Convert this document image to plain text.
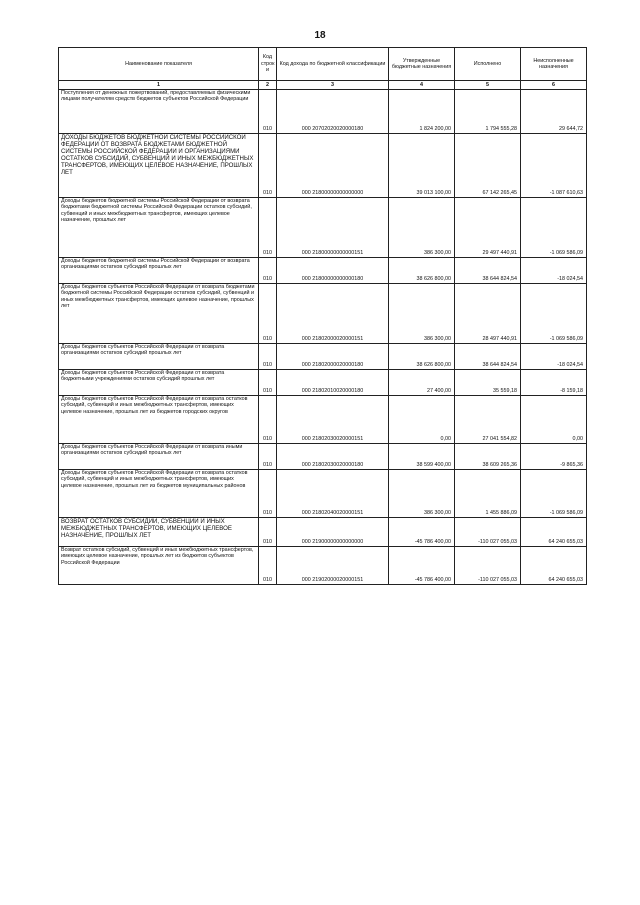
18
Наименование показателя	Код строк и	Код дохода по бюджетной классификации	Утвержденные бюджетные назначения	Исполнено	Неисполненные назначения
1	2	3	4	5	6
Поступления от денежных пожертвований, предоставляемых физическими лицами получателям средств бюджетов субъектов Российской Федерации	010	000 20702020020000180	1 824 200,00	1 794 555,28	29 644,72
ДОХОДЫ БЮДЖЕТОВ БЮДЖЕТНОЙ СИСТЕМЫ РОССИЙСКОЙ ФЕДЕРАЦИИ ОТ ВОЗВРАТА БЮДЖЕТАМИ БЮДЖЕТНОЙ СИСТЕМЫ РОССИЙСКОЙ ФЕДЕРАЦИИ И ОРГАНИЗАЦИЯМИ ОСТАТКОВ СУБСИДИЙ, СУБВЕНЦИЙ И ИНЫХ МЕЖБЮДЖЕТНЫХ ТРАНСФЕРТОВ, ИМЕЮЩИХ ЦЕЛЕВОЕ НАЗНАЧЕНИЕ, ПРОШЛЫХ ЛЕТ	010	000 21800000000000000	39 013 100,00	67 142 265,45	-1 087 610,63
Доходы бюджетов бюджетной системы Российской Федерации от возврата бюджетами бюджетной системы Российской Федерации остатков субсидий, субвенций и иных межбюджетных трансфертов, имеющих целевое назначение, прошлых лет	010	000 21800000000000151	386 300,00	29 497 440,91	-1 069 586,09
Доходы бюджетов бюджетной системы Российской Федерации от возврата организациями остатков субсидий прошлых лет	010	000 21800000000000180	38 626 800,00	38 644 824,54	-18 024,54
Доходы бюджетов субъектов Российской Федерации от возврата бюджетами бюджетной системы Российской Федерации остатков субсидий, субвенций и иных межбюджетных трансфертов, имеющих целевое назначение, прошлых лет	010	000 21802000020000151	386 300,00	28 497 440,91	-1 069 586,09
Доходы бюджетов субъектов Российской Федерации от возврата организациями остатков субсидий прошлых лет	010	000 21802000020000180	38 626 800,00	38 644 824,54	-18 024,54
Доходы бюджетов субъектов Российской Федерации от возврата бюджетными учреждениями остатков субсидий прошлых лет	010	000 21802010020000180	27 400,00	35 559,18	-8 159,18
Доходы бюджетов субъектов Российской Федерации от возврата остатков субсидий, субвенций и иных межбюджетных трансфертов, имеющих целевое назначение, прошлых лет из бюджетов городских округов	010	000 21802030020000151	0,00	27 041 554,82	0,00
Доходы бюджетов субъектов Российской Федерации от возврата иными организациями остатков субсидий прошлых лет	010	000 21802030020000180	38 599 400,00	38 609 265,36	-9 865,36
Доходы бюджетов субъектов Российской Федерации от возврата остатков субсидий, субвенций и иных межбюджетных трансфертов, имеющих целевое назначение, прошлых лет из бюджетов муниципальных районов	010	000 21802040020000151	386 300,00	1 455 886,09	-1 069 586,09
ВОЗВРАТ ОСТАТКОВ СУБСИДИЙ, СУБВЕНЦИЙ И ИНЫХ МЕЖБЮДЖЕТНЫХ ТРАНСФЕРТОВ, ИМЕЮЩИХ ЦЕЛЕВОЕ НАЗНАЧЕНИЕ, ПРОШЛЫХ ЛЕТ	010	000 21900000000000000	-45 786 400,00	-110 027 055,03	64 240 655,03
Возврат остатков субсидий, субвенций и иных межбюджетных трансфертов, имеющих целевое назначение, прошлых лет из бюджетов субъектов Российской Федерации	010	000 21902000020000151	-45 786 400,00	-110 027 055,03	64 240 655,03
